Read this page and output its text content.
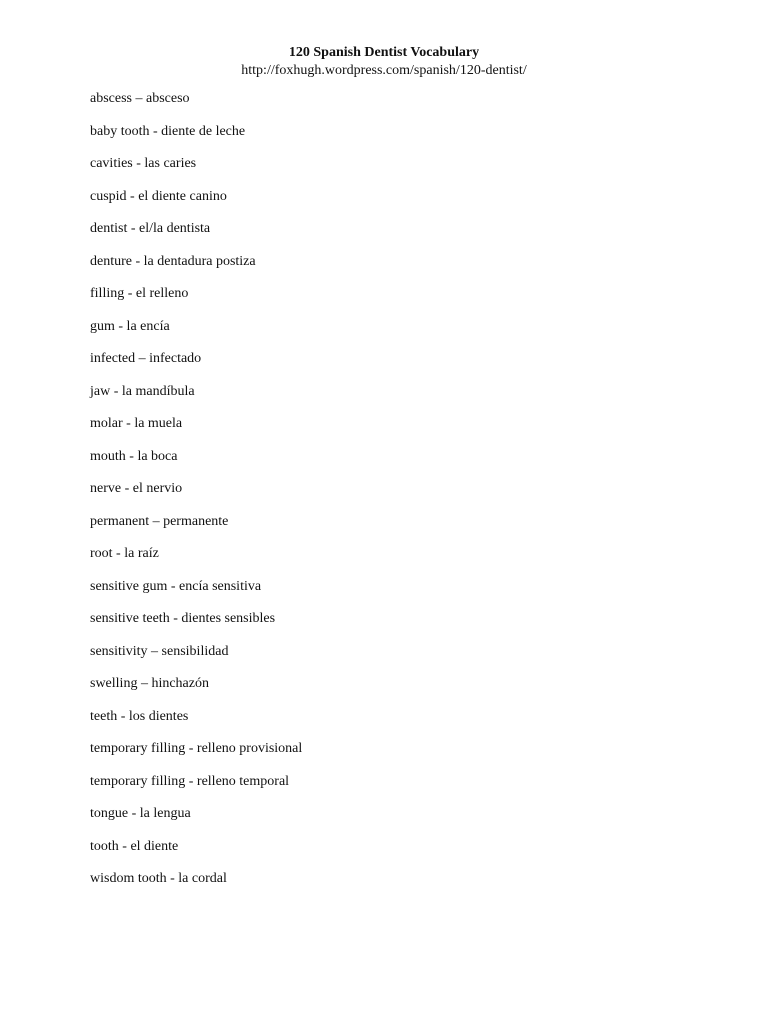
120 Spanish Dentist Vocabulary

http://foxhugh.wordpress.com/spanish/120-dentist/

abscess – absceso
baby tooth - diente de leche
cavities - las caries
cuspid - el diente canino
dentist - el/la dentista
denture - la dentadura postiza
filling - el relleno
gum - la encía
infected – infectado
jaw - la mandíbula
molar - la muela
mouth - la boca
nerve - el nervio
permanent – permanente
root - la raíz
sensitive gum - encía sensitiva
sensitive teeth - dientes sensibles
sensitivity – sensibilidad
swelling – hinchazón
teeth - los dientes
temporary filling - relleno provisional
temporary filling - relleno temporal
tongue - la lengua
tooth - el diente
wisdom tooth - la cordal
